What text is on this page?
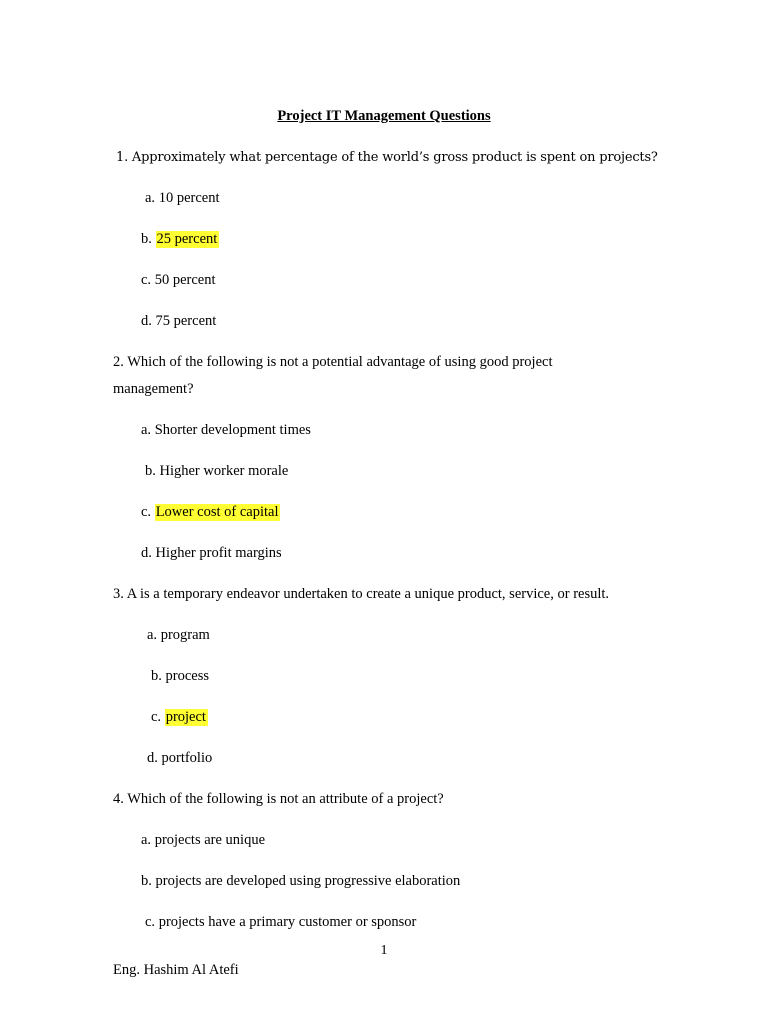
Project IT Management Questions
1. Approximately what percentage of the world’s gross product is spent on projects?
a. 10 percent
b. 25 percent
c. 50 percent
d. 75 percent
2. Which of the following is not a potential advantage of using good project
management?
a. Shorter development times
b. Higher worker morale
c. Lower cost of capital
d. Higher profit margins
3. A is a temporary endeavor undertaken to create a unique product, service, or result.
a. program
b. process
c. project
d. portfolio
4. Which of the following is not an attribute of a project?
a. projects are unique
b. projects are developed using progressive elaboration
c. projects have a primary customer or sponsor
1
Eng. Hashim Al Atefi
